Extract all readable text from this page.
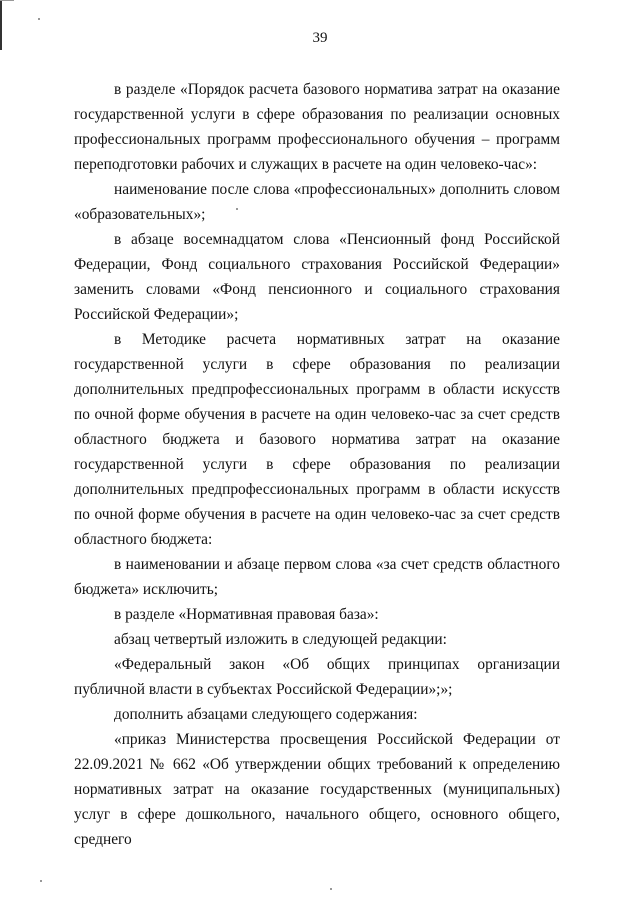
39

в разделе «Порядок расчета базового норматива затрат на оказание государственной услуги в сфере образования по реализации основных профессиональных программ профессионального обучения – программ переподготовки рабочих и служащих в расчете на один человеко-час»:

наименование после слова «профессиональных» дополнить словом «образовательных»;

в абзаце восемнадцатом слова «Пенсионный фонд Российской Федерации, Фонд социального страхования Российской Федерации» заменить словами «Фонд пенсионного и социального страхования Российской Федерации»;

в Методике расчета нормативных затрат на оказание государственной услуги в сфере образования по реализации дополнительных предпрофессиональных программ в области искусств по очной форме обучения в расчете на один человеко-час за счет средств областного бюджета и базового норматива затрат на оказание государственной услуги в сфере образования по реализации дополнительных предпрофессиональных программ в области искусств по очной форме обучения в расчете на один человеко-час за счет средств областного бюджета:

в наименовании и абзаце первом слова «за счет средств областного бюджета» исключить;

в разделе «Нормативная правовая база»:

абзац четвертый изложить в следующей редакции:

«Федеральный закон «Об общих принципах организации публичной власти в субъектах Российской Федерации»;»;

дополнить абзацами следующего содержания:

«приказ Министерства просвещения Российской Федерации от 22.09.2021 № 662 «Об утверждении общих требований к определению нормативных затрат на оказание государственных (муниципальных) услуг в сфере дошкольного, начального общего, основного общего, среднего
